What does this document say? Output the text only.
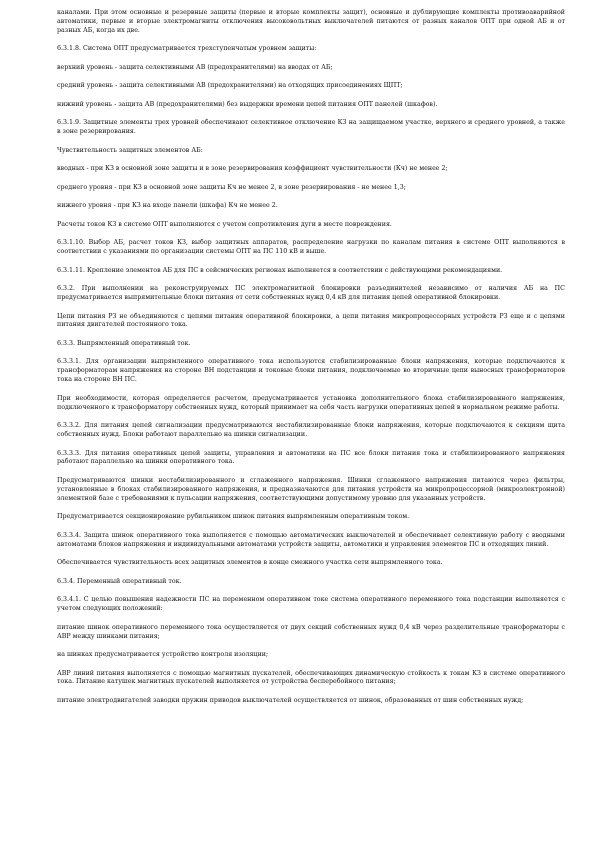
каналами. При этом основные и резервные защиты (первые и вторые комплекты защит), основные и дублирующие комплекты противоаварийной автоматики, первые и вторые электромагниты отключения высоковольтных выключателей питаются от разных каналов ОПТ при одной АБ и от разных АБ, когда их две.

6.3.1.8. Система ОПТ предусматривается трехступенчатым уровнем защиты:

верхний уровень - защита селективными АВ (предохранителями) на вводах от АБ;

средний уровень - защита селективными АВ (предохранителями) на отходящих присоединениях ЩПТ;

нижний уровень - защита АВ (предохранителями) без выдержки времени цепей питания ОПТ панелей (шкафов).

6.3.1.9. Защитные элементы трех уровней обеспечивают селективное отключение КЗ на защищаемом участке, верхнего и среднего уровней, а также в зоне резервирования.

Чувствительность защитных элементов АБ:

вводных - при КЗ в основной зоне защиты и в зоне резервирования коэффициент чувствительности (Кч) не менее 2;

среднего уровня - при КЗ в основной зоне защиты Кч не менее 2, в зоне резервирования - не менее 1,3;

нижнего уровня - при КЗ на входе панели (шкафа) Кч не менее 2.

Расчеты токов КЗ в системе ОПТ выполняются с учетом сопротивления дуги в месте повреждения.

6.3.1.10. Выбор АБ, расчет токов КЗ, выбор защитных аппаратов, распределение нагрузки по каналам питания в системе ОПТ выполняются в соответствии с указаниями по организации системы ОПТ на ПС 110 кВ и выше.

6.3.1.11. Крепление элементов АБ для ПС в сейсмических регионах выполняется в соответствии с действующими рекомендациями.

6.3.2. При выполнении на реконструируемых ПС электромагнитной блокировки разъединителей независимо от наличия АБ на ПС предусматривается выпрямительные блоки питания от сети собственных нужд 0,4 кВ для питания цепей оперативной блокировки.

Цепи питания РЗ не объединяются с цепями питания оперативной блокировки, а цепи питания микропроцессорных устройств РЗ еще и с цепями питания двигателей постоянного тока.

6.3.3. Выпрямленный оперативный ток.

6.3.3.1. Для организации выпрямленного оперативного тока используются стабилизированные блоки напряжения, которые подключаются к трансформаторам напряжения на стороне ВН подстанции и токовые блоки питания, подключаемые во вторичные цепи выносных трансформаторов тока на стороне ВН ПС.

При необходимости, которая определяется расчетом, предусматривается установка дополнительного блока стабилизированного напряжения, подключенного к трансформатору собственных нужд, который принимает на себя часть нагрузки оперативных цепей в нормальном режиме работы.

6.3.3.2. Для питания цепей сигнализации предусматриваются нестабилизированные блоки напряжения, которые подключаются к секциям щита собственных нужд. Блоки работают параллельно на шинки сигнализации.

6.3.3.3. Для питания оперативных цепей защиты, управления и автоматики на ПС все блоки питания тока и стабилизированного напряжения работают параллельно на шинки оперативного тока.

Предусматриваются шинки нестабилизированного и сглаженного напряжения. Шинки сглаженного напряжения питаются через фильтры, установленные в блоках стабилизированного напряжения, и предназначаются для питания устройств на микропроцессорной (микроэлектронной) элементной базе с требованиями к пульсации напряжения, соответствующими допустимому уровню для указанных устройств.

Предусматривается секционирование рубильником шинок питания выпрямленным оперативным током.

6.3.3.4. Защита шинок оперативного тока выполняется с помощью автоматических выключателей и обеспечивает селективную работу с вводными автоматами блоков напряжения и индивидуальными автоматами устройств защиты, автоматики и управления элементов ПС и отходящих линий.

Обеспечивается чувствительность всех защитных элементов в конце смежного участка сети выпрямленного тока.

6.3.4. Переменный оперативный ток.

6.3.4.1. С целью повышения надежности ПС на переменном оперативном токе система оперативного переменного тока подстанции выполняется с учетом следующих положений:

питание шинок оперативного переменного тока осуществляется от двух секций собственных нужд 0,4 кВ через разделительные трансформаторы с АВР между шинками питания;

на шинках предусматривается устройство контроля изоляции;

АВР линий питания выполняется с помощью магнитных пускателей, обеспечивающих динамическую стойкость к токам КЗ в системе оперативного тока. Питание катушек магнитных пускателей выполняется от устройства бесперебойного питания;

питание электродвигателей заводки пружин приводов выключателей осуществляется от шинок, образованных от шин собственных нужд;
